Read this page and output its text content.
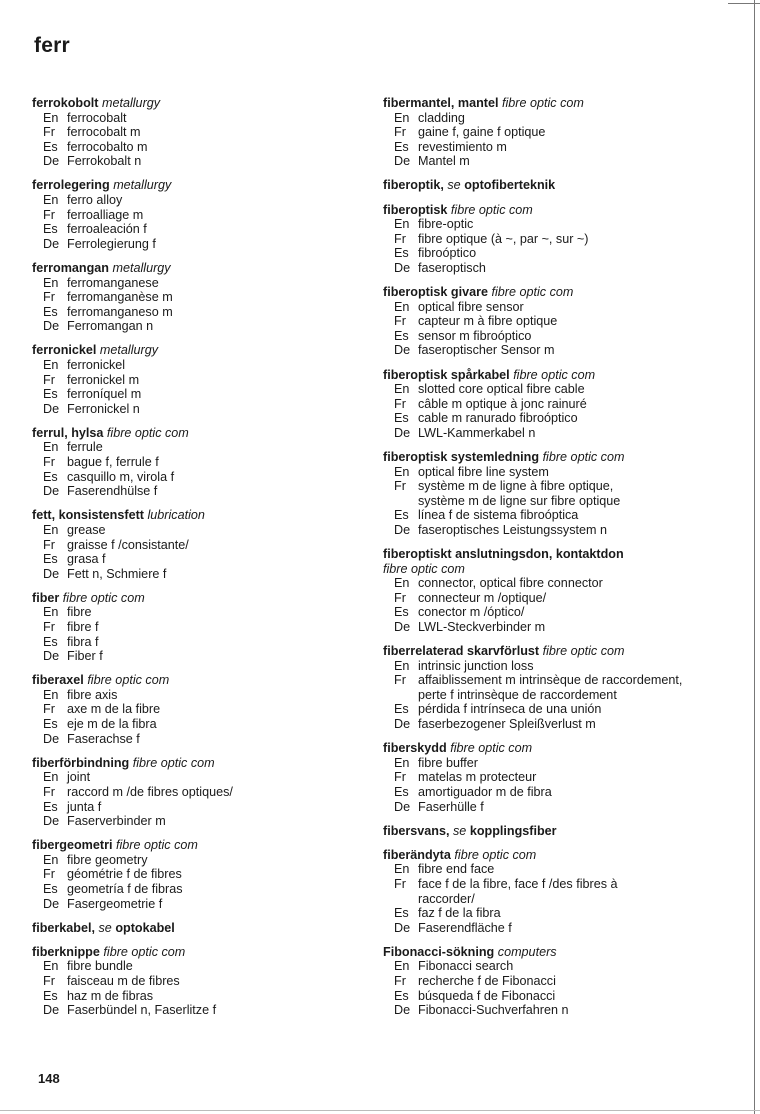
ferr
ferrokobolt metallurgy
En ferrocobalt
Fr ferrocobalt m
Es ferrocobalto m
De Ferrokobalt n
ferrolegering metallurgy
En ferro alloy
Fr ferroalliage m
Es ferroaleación f
De Ferrolegierung f
ferromangan metallurgy
En ferromanganese
Fr ferromanganèse m
Es ferromanganeso m
De Ferromangan n
ferronickel metallurgy
En ferronickel
Fr ferronickel m
Es ferroníquel m
De Ferronickel n
ferrul, hylsa fibre optic com
En ferrule
Fr bague f, ferrule f
Es casquillo m, virola f
De Faserendhülse f
fett, konsistensfett lubrication
En grease
Fr graisse f /consistante/
Es grasa f
De Fett n, Schmiere f
fiber fibre optic com
En fibre
Fr fibre f
Es fibra f
De Fiber f
fiberaxel fibre optic com
En fibre axis
Fr axe m de la fibre
Es eje m de la fibra
De Faserachse f
fiberförbindning fibre optic com
En joint
Fr raccord m /de fibres optiques/
Es junta f
De Faserverbinder m
fibergeometri fibre optic com
En fibre geometry
Fr géométrie f de fibres
Es geometría f de fibras
De Fasergeometrie f
fiberkabel, se optokabel
fiberknippe fibre optic com
En fibre bundle
Fr faisceau m de fibres
Es haz m de fibras
De Faserbündel n, Faserlitze f
fibermantel, mantel fibre optic com
En cladding
Fr gaine f, gaine f optique
Es revestimiento m
De Mantel m
fiberoptik, se optofiberteknik
fiberoptisk fibre optic com
En fibre-optic
Fr fibre optique (à ~, par ~, sur ~)
Es fibroóptico
De faseroptisch
fiberoptisk givare fibre optic com
En optical fibre sensor
Fr capteur m à fibre optique
Es sensor m fibroóptico
De faseroptischer Sensor m
fiberoptisk spårkabel fibre optic com
En slotted core optical fibre cable
Fr câble m optique à jonc rainuré
Es cable m ranurado fibroóptico
De LWL-Kammerkabel n
fiberoptisk systemledning fibre optic com
En optical fibre line system
Fr système m de ligne à fibre optique,
système m de ligne sur fibre optique
Es línea f de sistema fibroóptica
De faseroptisches Leistungssystem n
fiberoptiskt anslutningsdon, kontaktdon
fibre optic com
En connector, optical fibre connector
Fr connecteur m /optique/
Es conector m /óptico/
De LWL-Steckverbinder m
fiberrelaterad skarvförlust fibre optic com
En intrinsic junction loss
Fr affaiblissement m intrinsèque de raccordement,
perte f intrinsèque de raccordement
Es pérdida f intrínseca de una unión
De faserbezogener Spleißverlust m
fiberskydd fibre optic com
En fibre buffer
Fr matelas m protecteur
Es amortiguador m de fibra
De Faserhülle f
fibersvans, se kopplingsfiber
fiberändyta fibre optic com
En fibre end face
Fr face f de la fibre, face f /des fibres à
raccorder/
Es faz f de la fibra
De Faserendfläche f
Fibonacci-sökning computers
En Fibonacci search
Fr recherche f de Fibonacci
Es búsqueda f de Fibonacci
De Fibonacci-Suchverfahren n
148
